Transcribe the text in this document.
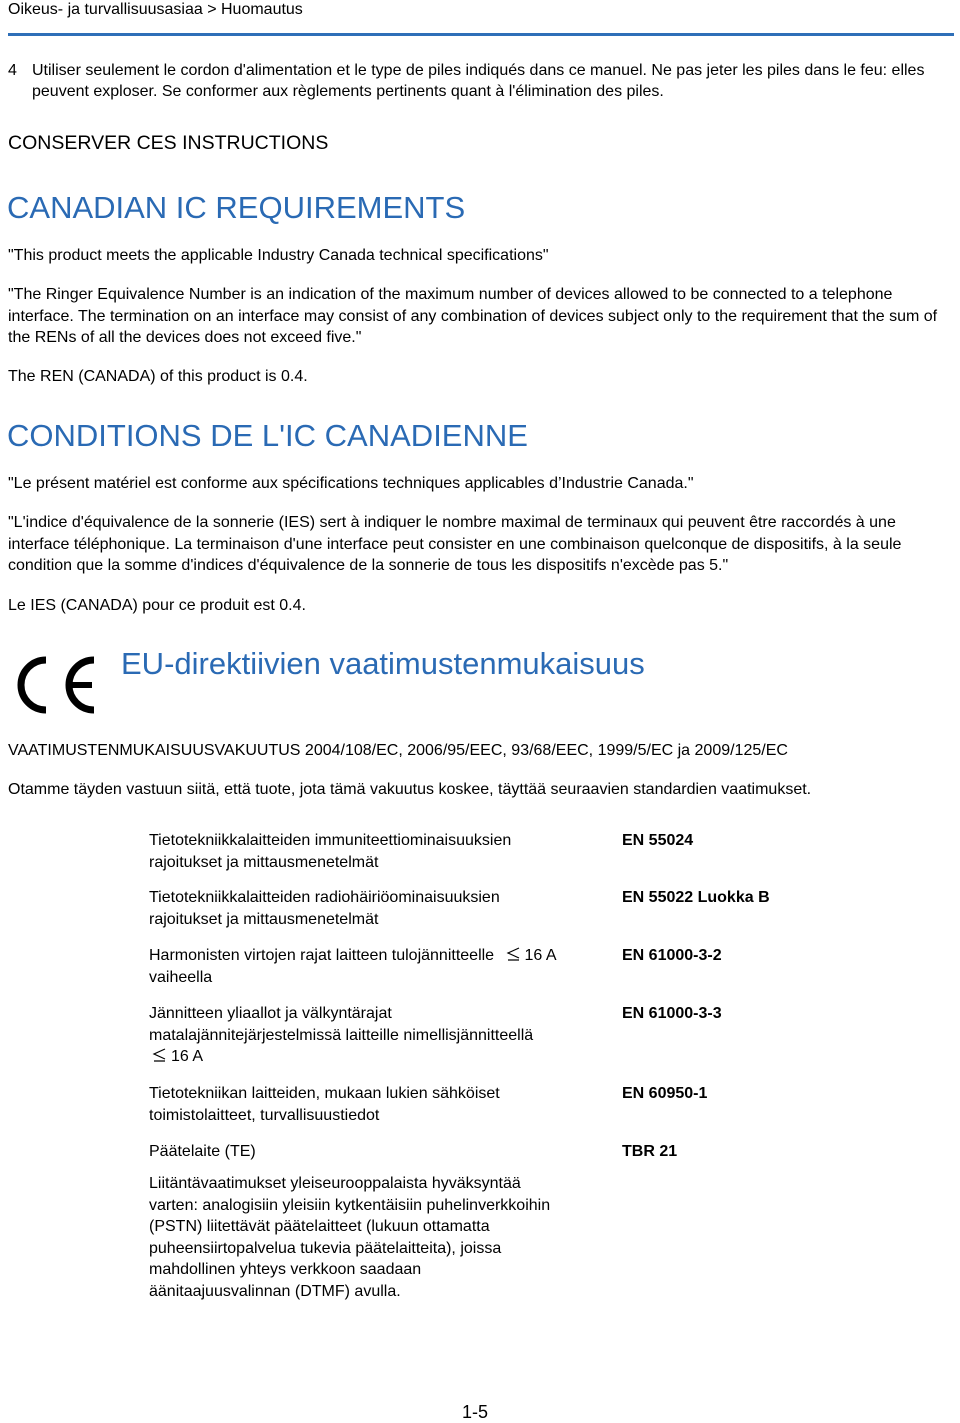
Oikeus- ja turvallisuusasiaa > Huomautus
4 Utiliser seulement le cordon d'alimentation et le type de piles indiqués dans ce manuel. Ne pas jeter les piles dans le feu: elles peuvent exploser. Se conformer aux règlements pertinents quant à l'élimination des piles.
CONSERVER CES INSTRUCTIONS
CANADIAN IC REQUIREMENTS

"This product meets the applicable Industry Canada technical specifications"

"The Ringer Equivalence Number is an indication of the maximum number of devices allowed to be connected to a telephone interface. The termination on an interface may consist of any combination of devices subject only to the requirement that the sum of the RENs of all the devices does not exceed five."

The REN (CANADA) of this product is 0.4.

CONDITIONS DE L'IC CANADIENNE

"Le présent matériel est conforme aux spécifications techniques applicables d’Industrie Canada."

"L'indice d'équivalence de la sonnerie (IES) sert à indiquer le nombre maximal de terminaux qui peuvent être raccordés à une interface téléphonique. La terminaison d'une interface peut consister en une combinaison quelconque de dispositifs, à la seule condition que la somme d'indices d'équivalence de la sonnerie de tous les dispositifs n'excède pas 5."

Le IES (CANADA) pour ce produit est 0.4.

EU-direktiivien vaatimustenmukaisuus

VAATIMUSTENMUKAISUUSVAKUUTUS 2004/108/EC, 2006/95/EEC, 93/68/EEC, 1999/5/EC ja 2009/125/EC

Otamme täyden vastuun siitä, että tuote, jota tämä vakuutus koskee, täyttää seuraavien standardien vaatimukset.

Tietotekniikkalaitteiden immuniteettiominaisuuksien
rajoitukset ja mittausmenetelmät
EN 55024
Tietotekniikkalaitteiden radiohäiriöominaisuuksien
rajoitukset ja mittausmenetelmät
EN 55022 Luokka B
Harmonisten virtojen rajat laitteen tulojännitteelle 16 A
vaiheella
EN 61000-3-2
Jännitteen yliaallot ja välkyntärajat
matalajännitejärjestelmissä laitteille nimellisjännitteellä
16 A
EN 61000-3-3
Tietotekniikan laitteiden, mukaan lukien sähköiset
toimistolaitteet, turvallisuustiedot
EN 60950-1
Päätelaite (TE)	TBR 21
Liitäntävaatimukset yleiseurooppalaista hyväksyntää
varten: analogisiin yleisiin kytkentäisiin puhelinverkkoihin
(PSTN) liitettävät päätelaitteet (lukuun ottamatta
puheensiirtopalvelua tukevia päätelaitteita), joissa
mahdollinen yhteys verkkoon saadaan
äänitaajuusvalinnan (DTMF) avulla.
1-5
